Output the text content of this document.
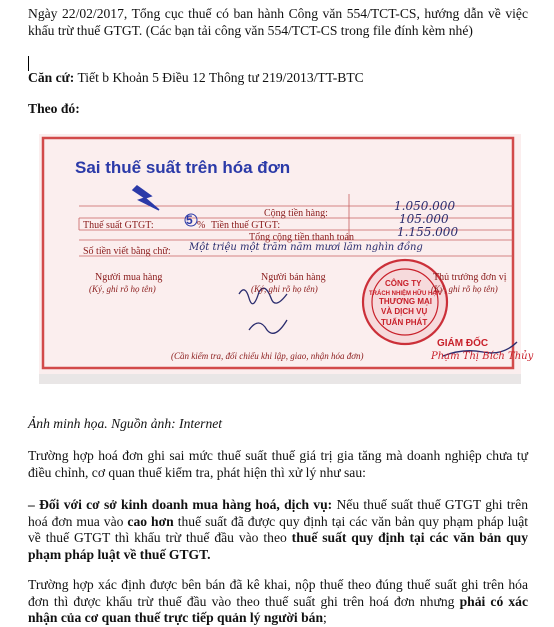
Ngày 22/02/2017, Tổng cục thuế có ban hành Công văn 554/TCT-CS, hướng dẫn về việc khấu trừ thuế GTGT. (Các bạn tải công văn 554/TCT-CS trong file đính kèm nhé)

Căn cứ: Tiết b Khoản 5 Điều 12 Thông tư 219/2013/TT-BTC

Theo đó:

Sai thuế suất trên hóa đơn
Cộng tiền hàng:
1.050.000
Thuế suất GTGT:	5 % Tiền thuế GTGT:	105.000
Tổng cộng tiền thanh toán	1.155.000
Số tiền viết bằng chữ: Một triệu một trăm năm mươi lăm nghìn đồng
Người mua hàng
(Ký, ghi rõ họ tên)
Người bán hàng
(Ký, ghi rõ họ tên)
Thủ trưởng đơn vị
(Ký, ghi rõ họ tên)
CÔNG TY
TRÁCH NHIỆM HỮU HẠN
THƯƠNG MẠI
VÀ DỊCH VỤ
TUẤN PHÁT
GIÁM ĐỐC
Phạm Thị Bích Thủy
(Cần kiểm tra, đối chiếu khi lập, giao, nhận hóa đơn)

Ảnh minh họa. Nguồn ảnh: Internet

Trường hợp hoá đơn ghi sai mức thuế suất thuế giá trị gia tăng mà doanh nghiệp chưa tự điều chỉnh, cơ quan thuế kiểm tra, phát hiện thì xử lý như sau:

– Đối với cơ sở kinh doanh mua hàng hoá, dịch vụ: Nếu thuế suất thuế GTGT ghi trên hoá đơn mua vào cao hơn thuế suất đã được quy định tại các văn bản quy phạm pháp luật về thuế GTGT thì khấu trừ thuế đầu vào theo thuế suất quy định tại các văn bản quy phạm pháp luật về thuế GTGT.

Trường hợp xác định được bên bán đã kê khai, nộp thuế theo đúng thuế suất ghi trên hóa đơn thì được khấu trừ thuế đầu vào theo thuế suất ghi trên hoá đơn nhưng phải có xác nhận của cơ quan thuế trực tiếp quản lý người bán;
